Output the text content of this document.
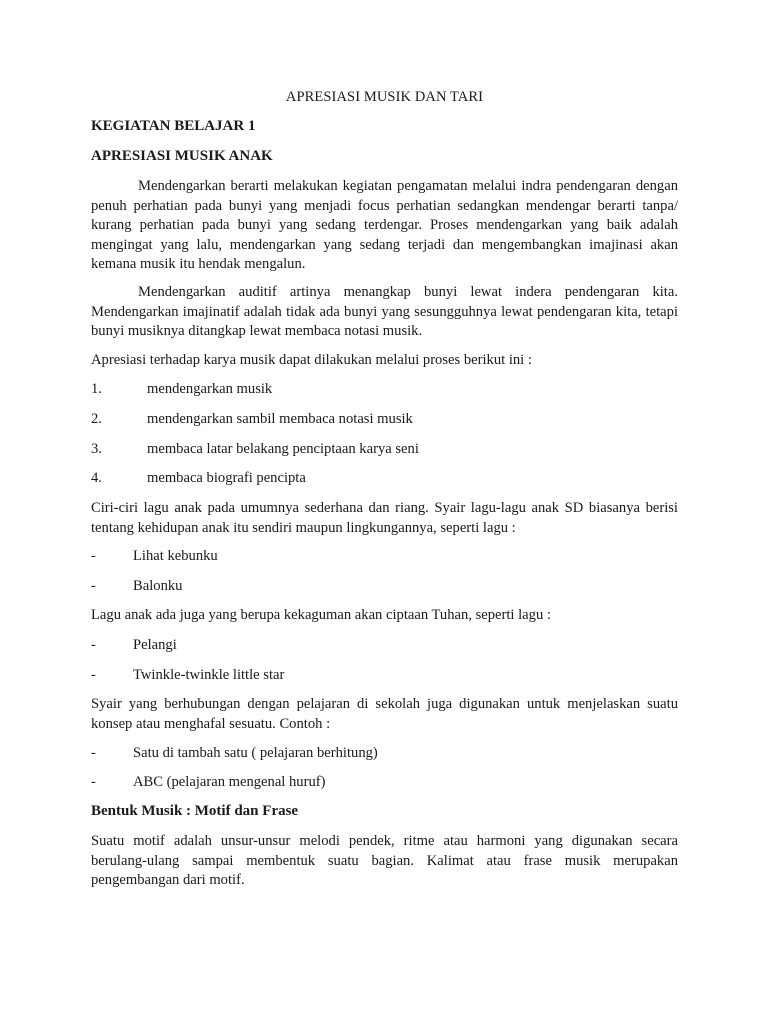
APRESIASI MUSIK DAN TARI
KEGIATAN BELAJAR 1
APRESIASI MUSIK ANAK
Mendengarkan berarti melakukan kegiatan pengamatan melalui indra pendengaran dengan penuh perhatian pada bunyi yang menjadi focus perhatian sedangkan mendengar berarti tanpa/ kurang perhatian pada bunyi yang sedang terdengar. Proses mendengarkan yang baik adalah mengingat yang lalu, mendengarkan yang sedang terjadi dan mengembangkan imajinasi akan kemana musik itu hendak mengalun.
Mendengarkan auditif artinya menangkap bunyi lewat indera pendengaran kita. Mendengarkan imajinatif adalah tidak ada bunyi yang sesungguhnya lewat pendengaran kita, tetapi bunyi musiknya ditangkap lewat membaca notasi musik.
Apresiasi terhadap karya musik dapat dilakukan melalui proses berikut ini :
1.	mendengarkan musik
2.	mendengarkan sambil membaca notasi musik
3.	membaca latar belakang penciptaan karya seni
4.	membaca biografi pencipta
Ciri-ciri lagu anak pada umumnya sederhana dan riang. Syair lagu-lagu anak SD biasanya berisi tentang kehidupan anak itu sendiri maupun lingkungannya, seperti lagu :
-	Lihat kebunku
-	Balonku
Lagu anak ada juga yang berupa kekaguman akan ciptaan Tuhan, seperti lagu :
-	Pelangi
-	Twinkle-twinkle little star
Syair yang berhubungan dengan pelajaran di sekolah juga digunakan untuk menjelaskan suatu konsep atau menghafal sesuatu. Contoh :
-	Satu di tambah satu ( pelajaran berhitung)
-	ABC (pelajaran mengenal huruf)
Bentuk Musik : Motif dan Frase
Suatu motif adalah unsur-unsur melodi pendek, ritme atau harmoni yang digunakan secara berulang-ulang sampai membentuk suatu bagian. Kalimat atau frase musik merupakan pengembangan dari motif.
